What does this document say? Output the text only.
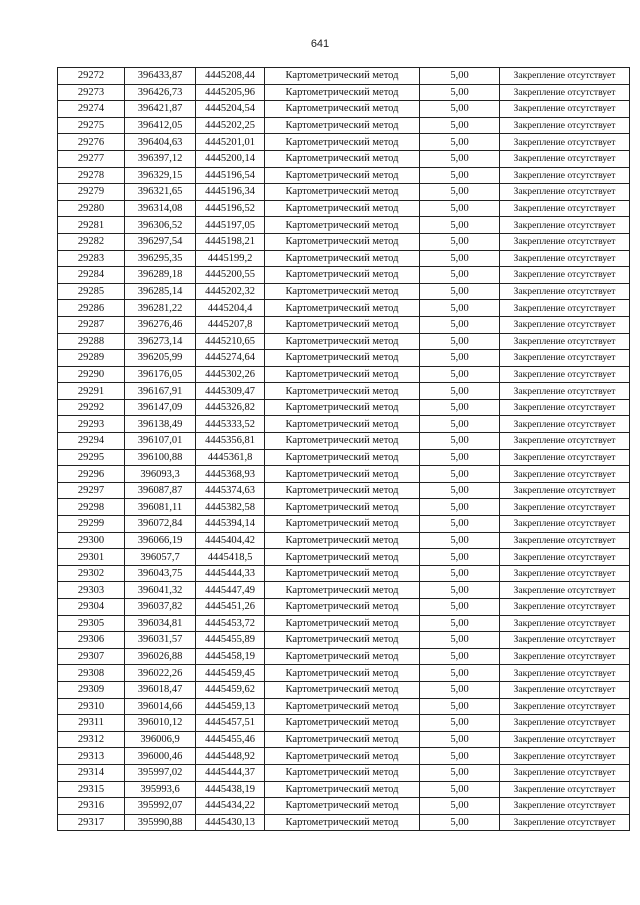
641
29272	396433,87	4445208,44	Картометрический метод	5,00	Закрепление отсутствует
29273	396426,73	4445205,96	Картометрический метод	5,00	Закрепление отсутствует
29274	396421,87	4445204,54	Картометрический метод	5,00	Закрепление отсутствует
29275	396412,05	4445202,25	Картометрический метод	5,00	Закрепление отсутствует
29276	396404,63	4445201,01	Картометрический метод	5,00	Закрепление отсутствует
29277	396397,12	4445200,14	Картометрический метод	5,00	Закрепление отсутствует
29278	396329,15	4445196,54	Картометрический метод	5,00	Закрепление отсутствует
29279	396321,65	4445196,34	Картометрический метод	5,00	Закрепление отсутствует
29280	396314,08	4445196,52	Картометрический метод	5,00	Закрепление отсутствует
29281	396306,52	4445197,05	Картометрический метод	5,00	Закрепление отсутствует
29282	396297,54	4445198,21	Картометрический метод	5,00	Закрепление отсутствует
29283	396295,35	4445199,2	Картометрический метод	5,00	Закрепление отсутствует
29284	396289,18	4445200,55	Картометрический метод	5,00	Закрепление отсутствует
29285	396285,14	4445202,32	Картометрический метод	5,00	Закрепление отсутствует
29286	396281,22	4445204,4	Картометрический метод	5,00	Закрепление отсутствует
29287	396276,46	4445207,8	Картометрический метод	5,00	Закрепление отсутствует
29288	396273,14	4445210,65	Картометрический метод	5,00	Закрепление отсутствует
29289	396205,99	4445274,64	Картометрический метод	5,00	Закрепление отсутствует
29290	396176,05	4445302,26	Картометрический метод	5,00	Закрепление отсутствует
29291	396167,91	4445309,47	Картометрический метод	5,00	Закрепление отсутствует
29292	396147,09	4445326,82	Картометрический метод	5,00	Закрепление отсутствует
29293	396138,49	4445333,52	Картометрический метод	5,00	Закрепление отсутствует
29294	396107,01	4445356,81	Картометрический метод	5,00	Закрепление отсутствует
29295	396100,88	4445361,8	Картометрический метод	5,00	Закрепление отсутствует
29296	396093,3	4445368,93	Картометрический метод	5,00	Закрепление отсутствует
29297	396087,87	4445374,63	Картометрический метод	5,00	Закрепление отсутствует
29298	396081,11	4445382,58	Картометрический метод	5,00	Закрепление отсутствует
29299	396072,84	4445394,14	Картометрический метод	5,00	Закрепление отсутствует
29300	396066,19	4445404,42	Картометрический метод	5,00	Закрепление отсутствует
29301	396057,7	4445418,5	Картометрический метод	5,00	Закрепление отсутствует
29302	396043,75	4445444,33	Картометрический метод	5,00	Закрепление отсутствует
29303	396041,32	4445447,49	Картометрический метод	5,00	Закрепление отсутствует
29304	396037,82	4445451,26	Картометрический метод	5,00	Закрепление отсутствует
29305	396034,81	4445453,72	Картометрический метод	5,00	Закрепление отсутствует
29306	396031,57	4445455,89	Картометрический метод	5,00	Закрепление отсутствует
29307	396026,88	4445458,19	Картометрический метод	5,00	Закрепление отсутствует
29308	396022,26	4445459,45	Картометрический метод	5,00	Закрепление отсутствует
29309	396018,47	4445459,62	Картометрический метод	5,00	Закрепление отсутствует
29310	396014,66	4445459,13	Картометрический метод	5,00	Закрепление отсутствует
29311	396010,12	4445457,51	Картометрический метод	5,00	Закрепление отсутствует
29312	396006,9	4445455,46	Картометрический метод	5,00	Закрепление отсутствует
29313	396000,46	4445448,92	Картометрический метод	5,00	Закрепление отсутствует
29314	395997,02	4445444,37	Картометрический метод	5,00	Закрепление отсутствует
29315	395993,6	4445438,19	Картометрический метод	5,00	Закрепление отсутствует
29316	395992,07	4445434,22	Картометрический метод	5,00	Закрепление отсутствует
29317	395990,88	4445430,13	Картометрический метод	5,00	Закрепление отсутствует
